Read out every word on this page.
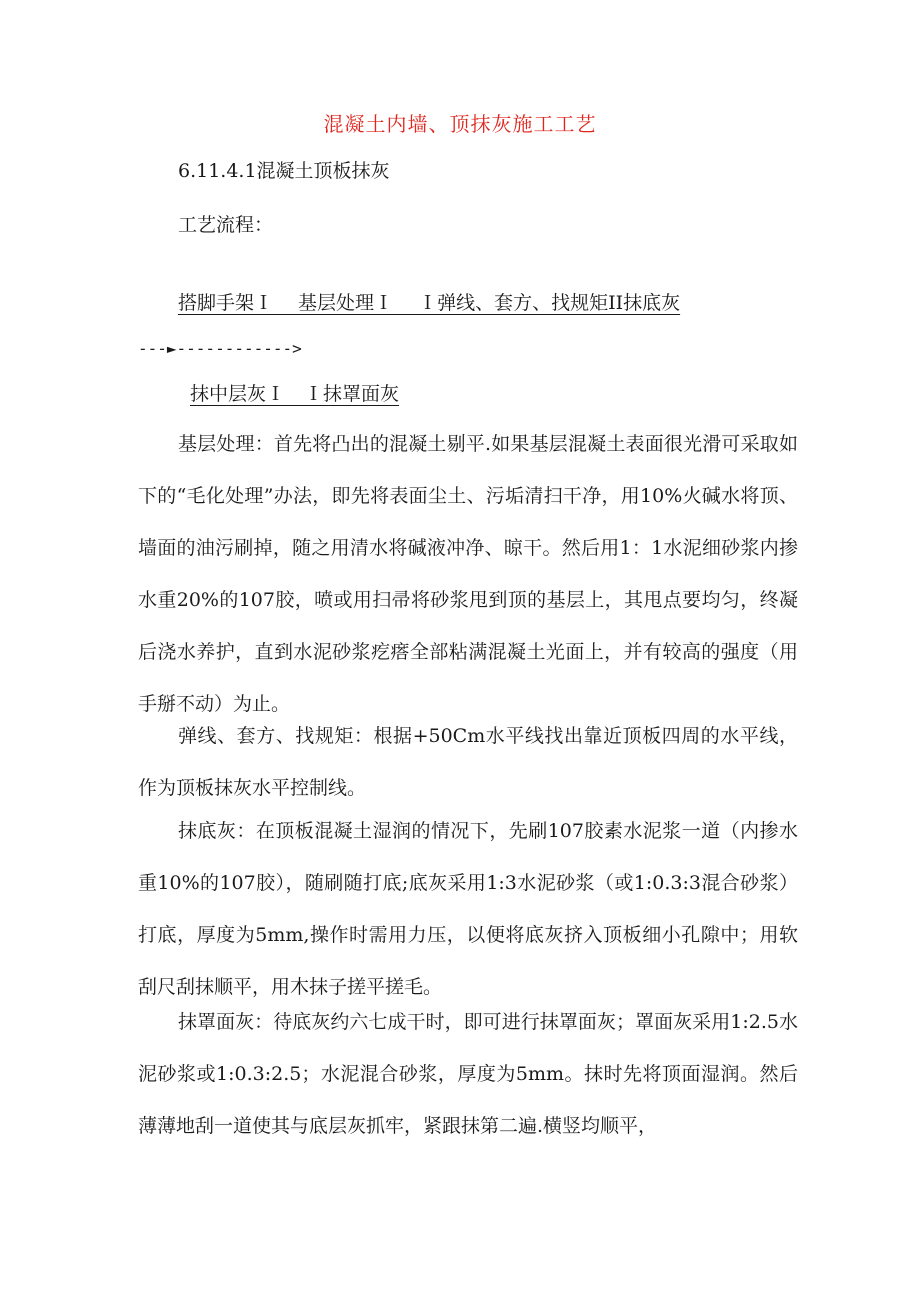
混凝土内墙、顶抹灰施工工艺
6.11.4.1混凝土顶板抹灰
工艺流程：
搭脚手架Ｉ　 基层处理Ｉ　 Ｉ弹线、套方、找规矩II抹底灰
---►------------>
抹中层灰Ｉ　Ｉ抹罩面灰
基层处理：首先将凸出的混凝土剔平.如果基层混凝土表面很光滑可采取如下的“毛化处理”办法，即先将表面尘土、污垢清扫干净，用10%火碱水将顶、墙面的油污刷掉，随之用清水将碱液冲净、晾干。然后用1：1水泥细砂浆内掺水重20%的107胶，喷或用扫帚将砂浆甩到顶的基层上，其甩点要均匀，终凝后浇水养护，直到水泥砂浆疙瘩全部粘满混凝土光面上，并有较高的强度（用手掰不动）为止。
弹线、套方、找规矩：根据+50Cm水平线找出靠近顶板四周的水平线，作为顶板抹灰水平控制线。
抹底灰：在顶板混凝土湿润的情况下，先刷107胶素水泥浆一道（内掺水重10%的107胶），随刷随打底;底灰采用1:3水泥砂浆（或1:0.3:3混合砂浆）打底，厚度为5mm,操作时需用力压，以便将底灰挤入顶板细小孔隙中；用软刮尺刮抹顺平，用木抹子搓平搓毛。
抹罩面灰：待底灰约六七成干时，即可进行抹罩面灰；罩面灰采用1:2.5水泥砂浆或1:0.3:2.5；水泥混合砂浆，厚度为5mm。抹时先将顶面湿润。然后薄薄地刮一道使其与底层灰抓牢，紧跟抹第二遍.横竖均顺平，
